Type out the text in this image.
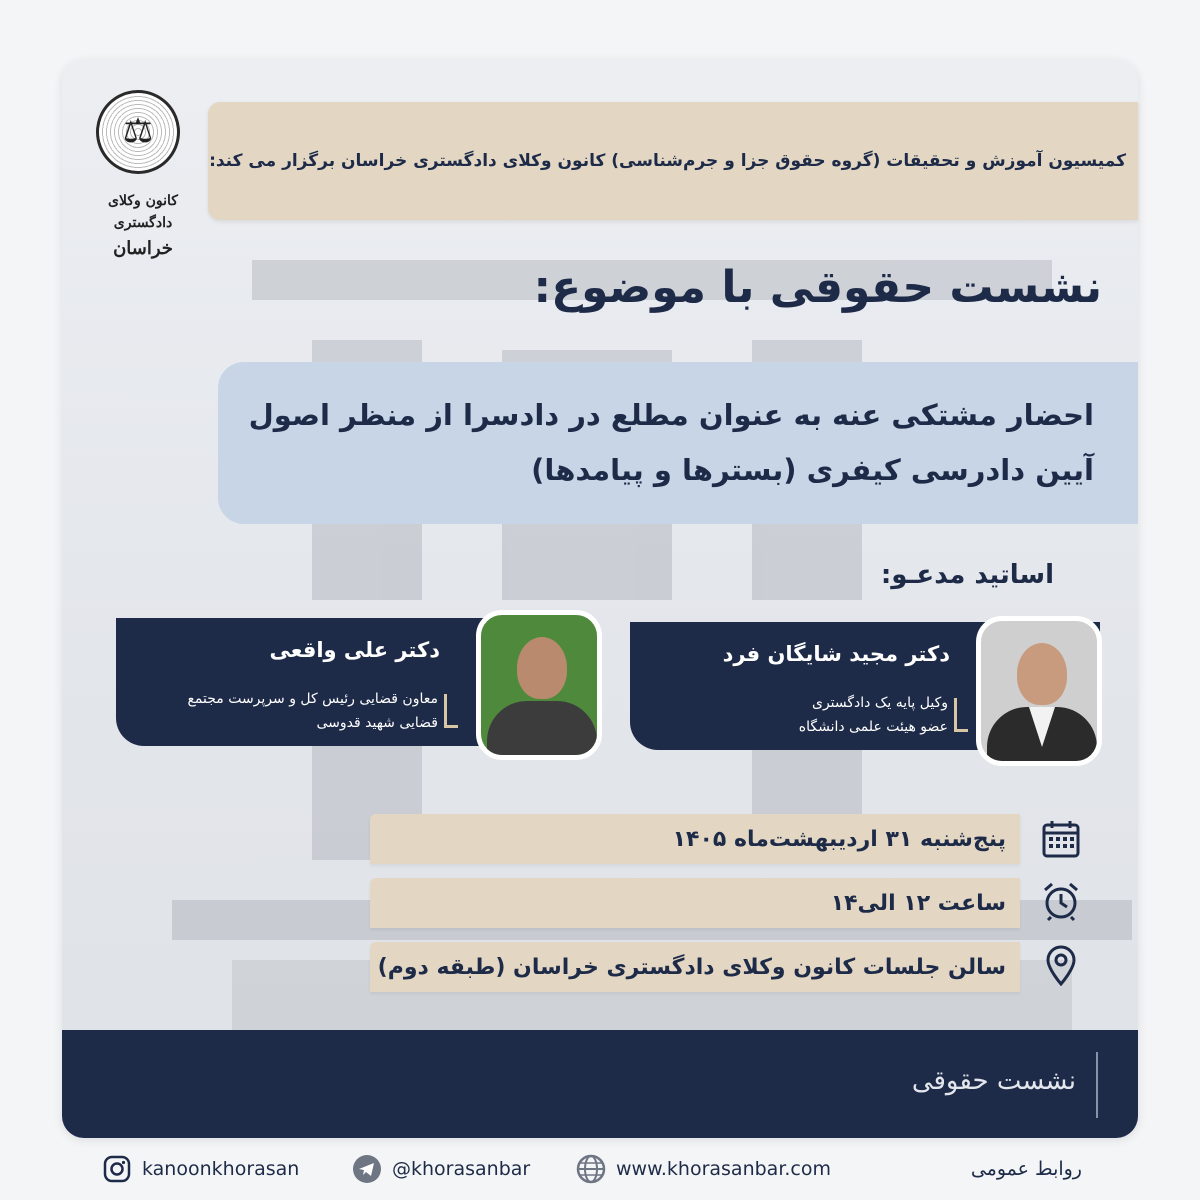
⚖
کانون وکلای دادگستری
خراسان
کمیسیون آموزش و تحقیقات (گروه حقوق جزا و جرم‌شناسی) کانون وکلای دادگستری خراسان برگزار می کند:
نشست حقوقی با موضوع:
احضار مشتکی عنه به عنوان مطلع در دادسرا از منظر اصول
آیین دادرسی کیفری (بسترها و پیامدها)
اساتید مدعـو:
دکتر مجید شایگان فرد
وکیل پایه یک دادگستری
عضو هیئت علمی دانشگاه
دکتر علی واقعی
معاون قضایی رئیس کل و سرپرست مجتمع
قضایی شهید قدوسی
پنج‌شنبه ۳۱ اردیبهشت‌ماه ۱۴۰۵
ساعت ۱۲ الی۱۴
سالن جلسات کانون وکلای دادگستری خراسان (طبقه دوم)
نشست حقوقی
kanoonkhorasan	@khorasanbar	www.khorasanbar.com	روابط عمومی
